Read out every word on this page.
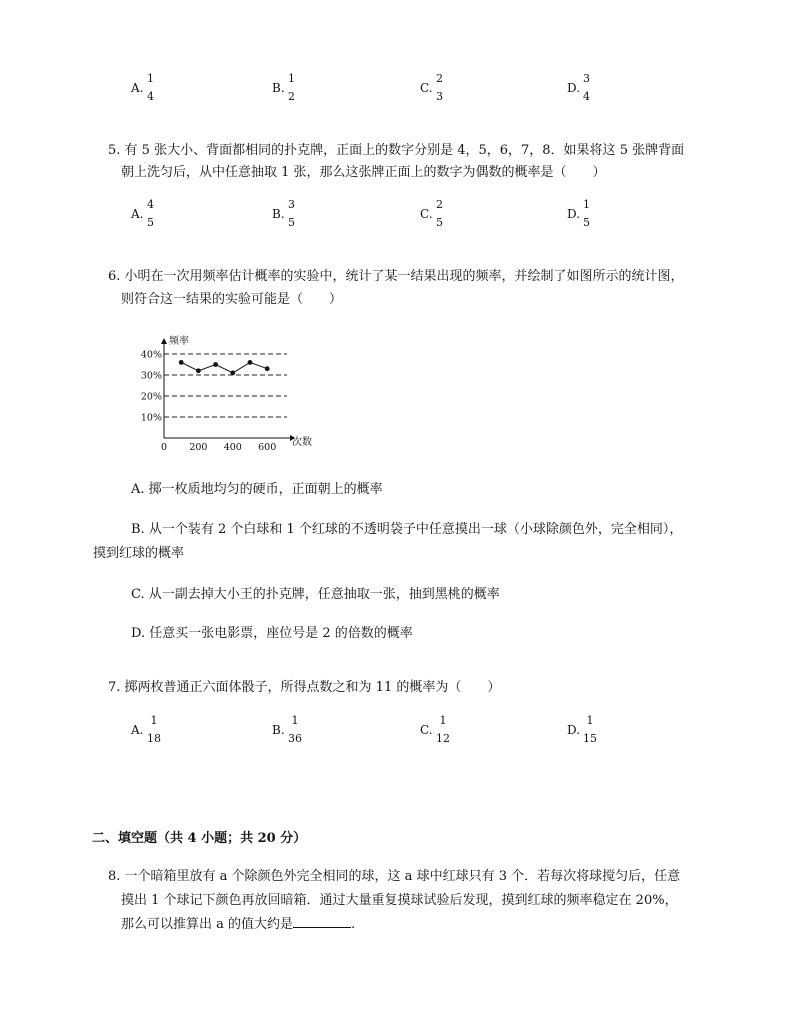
A.
1
4
B.
1
2
C.
2
3
D.
3
4
5. 有 5 张大小、背面都相同的扑克牌，正面上的数字分别是 4，5，6，7，8．如果将这 5 张牌背面
朝上洗匀后，从中任意抽取 1 张，那么这张牌正面上的数字为偶数的概率是（　　）
A.
4
5
B.
3
5
C.
2
5
D.
1
5
6. 小明在一次用频率估计概率的实验中，统计了某一结果出现的频率，并绘制了如图所示的统计图，
则符合这一结果的实验可能是（　　）
10%
20%
30%
40%
频率
次数
0 200 400 600
A. 掷一枚质地均匀的硬币，正面朝上的概率
B. 从一个装有 2 个白球和 1 个红球的不透明袋子中任意摸出一球（小球除颜色外，完全相同），
摸到红球的概率
C. 从一副去掉大小王的扑克牌，任意抽取一张，抽到黑桃的概率
D. 任意买一张电影票，座位号是 2 的倍数的概率
7. 掷两枚普通正六面体骰子，所得点数之和为 11 的概率为（　　）
A.
1
18
B.
1
36
C.
1
12
D.
1
15
二、填空题（共 4 小题；共 20 分）
8. 一个暗箱里放有 a 个除颜色外完全相同的球，这 a 球中红球只有 3 个．若每次将球搅匀后，任意
摸出 1 个球记下颜色再放回暗箱．通过大量重复摸球试验后发现，摸到红球的频率稳定在 20%，
那么可以推算出 a 的值大约是	.
